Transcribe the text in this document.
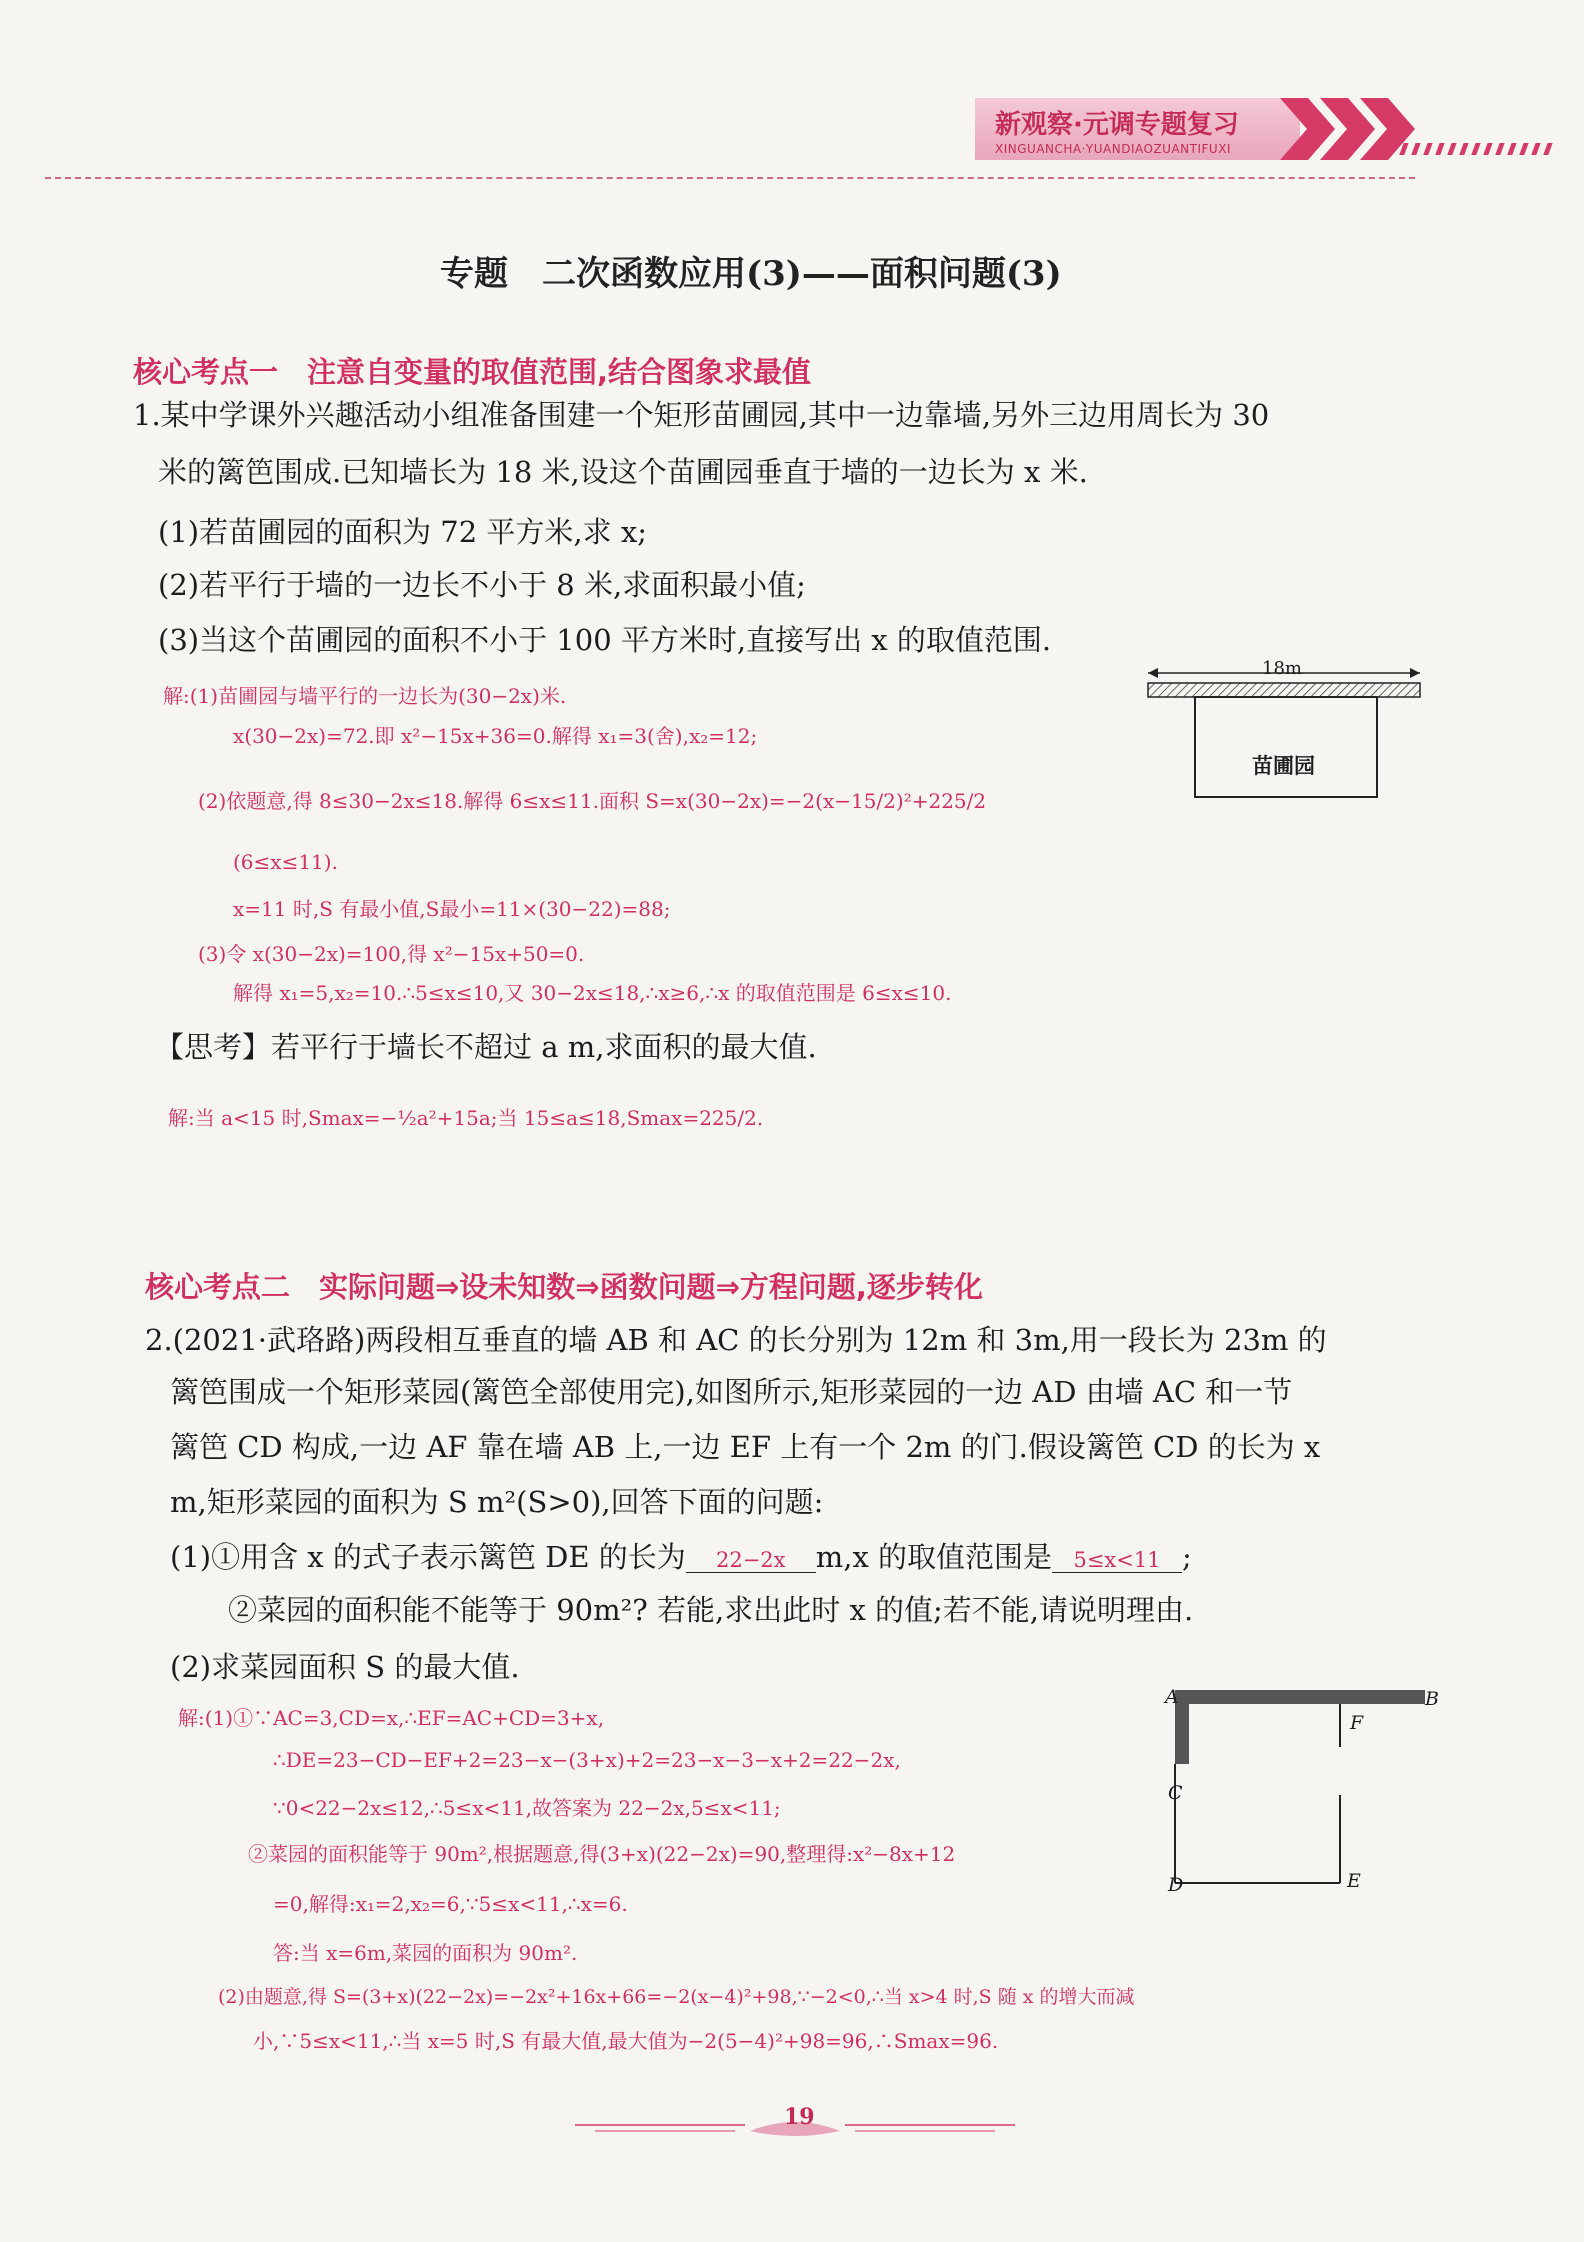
新观察·元调专题复习
XINGUANCHA·YUANDIAOZUANTIFUXI
专题　二次函数应用(3)——面积问题(3)
核心考点一　注意自变量的取值范围,结合图象求最值
1.某中学课外兴趣活动小组准备围建一个矩形苗圃园,其中一边靠墙,另外三边用周长为 30
米的篱笆围成.已知墙长为 18 米,设这个苗圃园垂直于墙的一边长为 x 米.
(1)若苗圃园的面积为 72 平方米,求 x;
(2)若平行于墙的一边长不小于 8 米,求面积最小值;
(3)当这个苗圃园的面积不小于 100 平方米时,直接写出 x 的取值范围.
18m
苗圃园
解:(1)苗圃园与墙平行的一边长为(30−2x)米.
x(30−2x)=72.即 x²−15x+36=0.解得 x₁=3(舍),x₂=12;
(2)依题意,得 8≤30−2x≤18.解得 6≤x≤11.面积 S=x(30−2x)=−2(x−15/2)²+225/2
(6≤x≤11).
x=11 时,S 有最小值,S最小=11×(30−22)=88;
(3)令 x(30−2x)=100,得 x²−15x+50=0.
解得 x₁=5,x₂=10.∴5≤x≤10,又 30−2x≤18,∴x≥6,∴x 的取值范围是 6≤x≤10.
【思考】若平行于墙长不超过 a m,求面积的最大值.
解:当 a<15 时,Smax=−½a²+15a;当 15≤a≤18,Smax=225/2.
核心考点二　实际问题⇒设未知数⇒函数问题⇒方程问题,逐步转化
2.(2021·武珞路)两段相互垂直的墙 AB 和 AC 的长分别为 12m 和 3m,用一段长为 23m 的
篱笆围成一个矩形菜园(篱笆全部使用完),如图所示,矩形菜园的一边 AD 由墙 AC 和一节
篱笆 CD 构成,一边 AF 靠在墙 AB 上,一边 EF 上有一个 2m 的门.假设篱笆 CD 的长为 x
m,矩形菜园的面积为 S m²(S>0),回答下面的问题:
(1)①用含 x 的式子表示篱笆 DE 的长为 22−2x m,x 的取值范围是 5≤x<11 ;
②菜园的面积能不能等于 90m²? 若能,求出此时 x 的值;若不能,请说明理由.
(2)求菜园面积 S 的最大值.
A	B
C
D	E
F
解:(1)①∵AC=3,CD=x,∴EF=AC+CD=3+x,
∴DE=23−CD−EF+2=23−x−(3+x)+2=23−x−3−x+2=22−2x,
∵0<22−2x≤12,∴5≤x<11,故答案为 22−2x,5≤x<11;
②菜园的面积能等于 90m²,根据题意,得(3+x)(22−2x)=90,整理得:x²−8x+12
=0,解得:x₁=2,x₂=6,∵5≤x<11,∴x=6.
答:当 x=6m,菜园的面积为 90m².
(2)由题意,得 S=(3+x)(22−2x)=−2x²+16x+66=−2(x−4)²+98,∵−2<0,∴当 x>4 时,S 随 x 的增大而减
小,∵5≤x<11,∴当 x=5 时,S 有最大值,最大值为−2(5−4)²+98=96,∴Smax=96.
19
